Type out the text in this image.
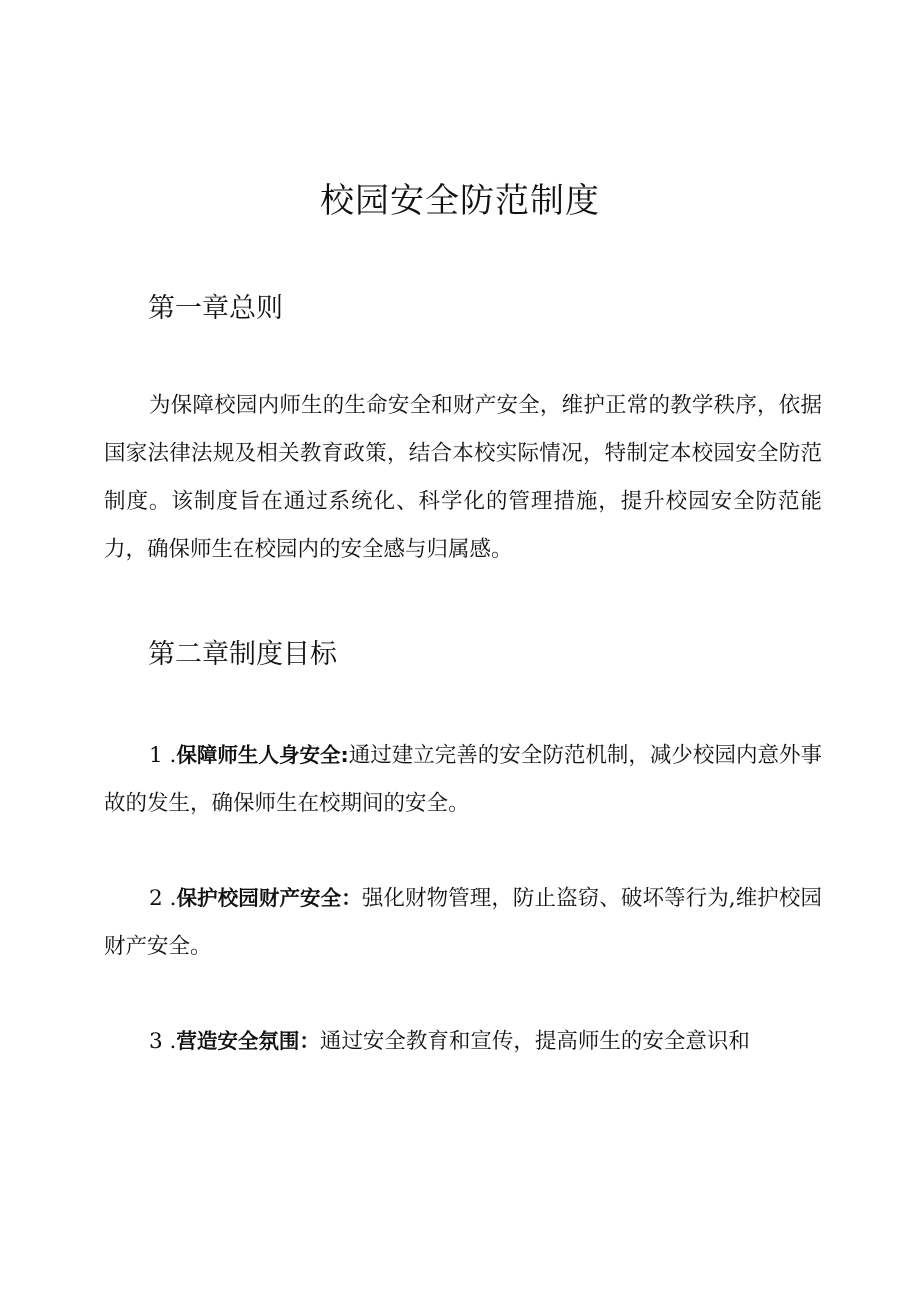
校园安全防范制度
第一章总则

为保障校园内师生的生命安全和财产安全，维护正常的教学秩序，依据国家法律法规及相关教育政策，结合本校实际情况，特制定本校园安全防范制度。该制度旨在通过系统化、科学化的管理措施，提升校园安全防范能力，确保师生在校园内的安全感与归属感。

第二章制度目标

1 .保障师生人身安全:通过建立完善的安全防范机制，减少校园内意外事故的发生，确保师生在校期间的安全。

2 .保护校园财产安全：强化财物管理，防止盗窃、破坏等行为,维护校园财产安全。

3 .营造安全氛围：通过安全教育和宣传，提高师生的安全意识和
